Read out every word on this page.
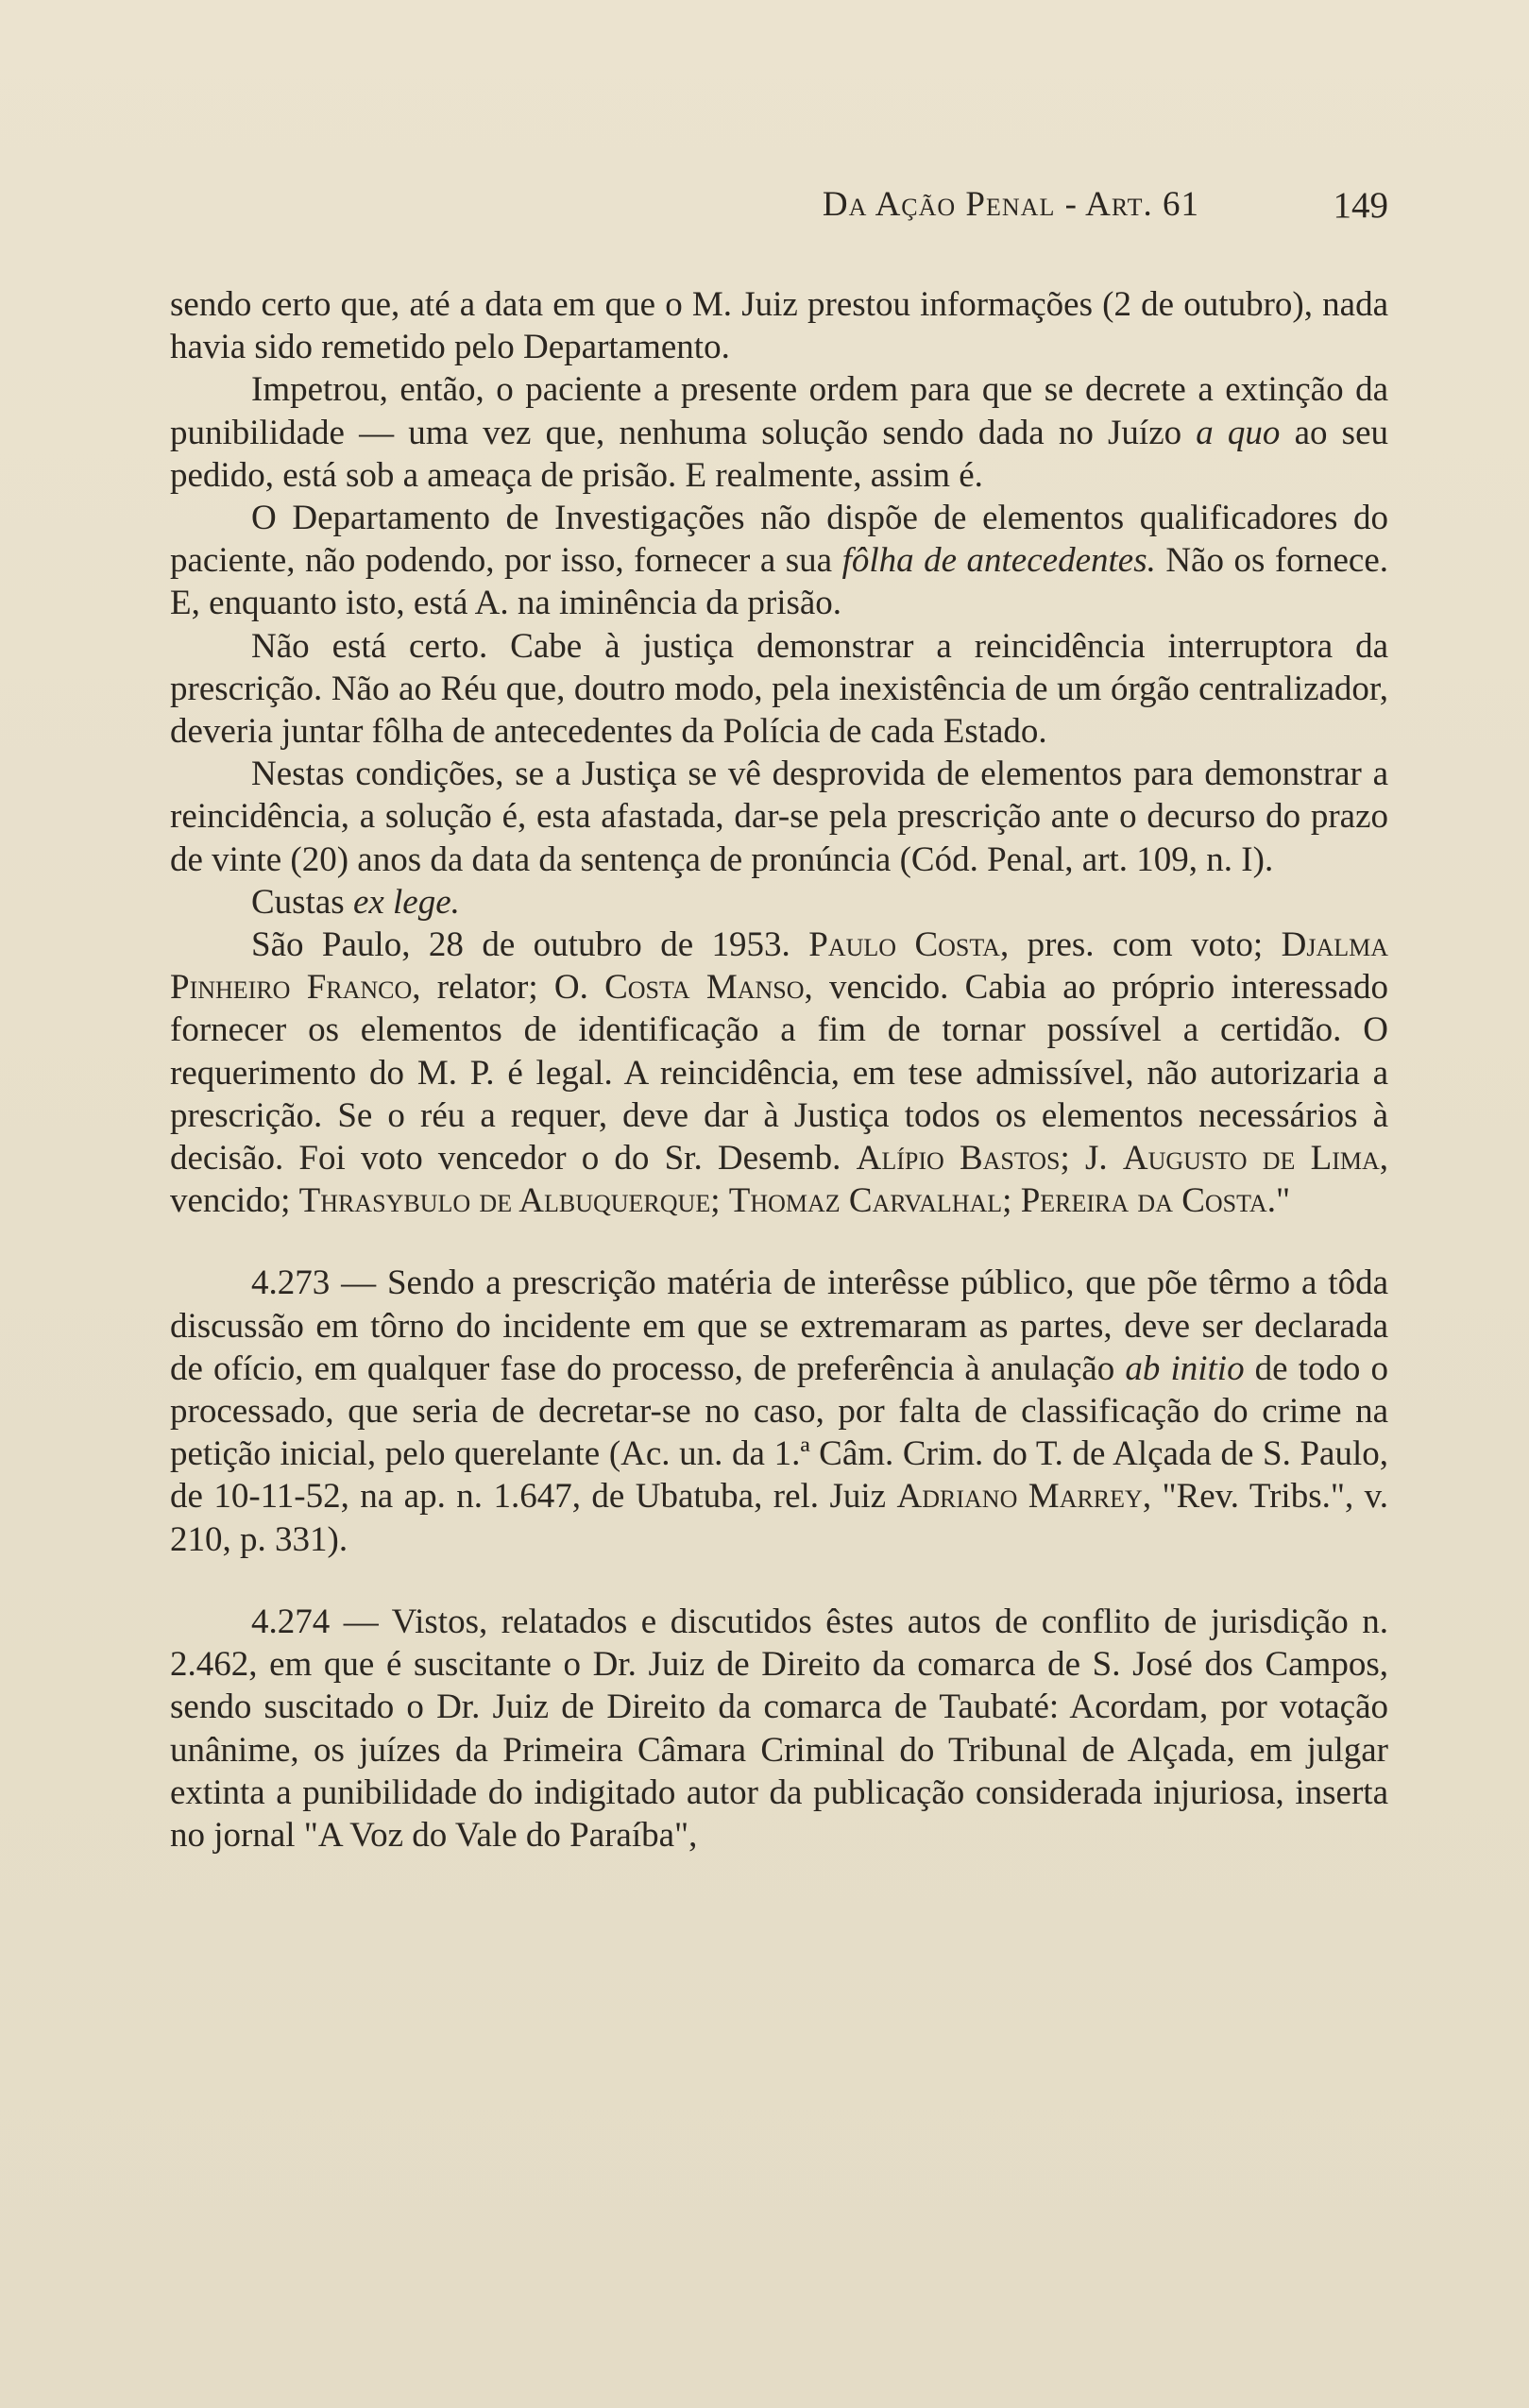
Da Ação Penal - Art. 61	149

sendo certo que, até a data em que o M. Juiz prestou informações (2 de outubro), nada havia sido remetido pelo Departamento.

Impetrou, então, o paciente a presente ordem para que se decrete a extinção da punibilidade — uma vez que, nenhuma solução sendo dada no Juízo a quo ao seu pedido, está sob a ameaça de prisão. E realmente, assim é.

O Departamento de Investigações não dispõe de elementos qualificadores do paciente, não podendo, por isso, fornecer a sua fôlha de antecedentes. Não os fornece. E, enquanto isto, está A. na iminência da prisão.

Não está certo. Cabe à justiça demonstrar a reincidência interruptora da prescrição. Não ao Réu que, doutro modo, pela inexistência de um órgão centralizador, deveria juntar fôlha de antecedentes da Polícia de cada Estado.

Nestas condições, se a Justiça se vê desprovida de elementos para demonstrar a reincidência, a solução é, esta afastada, dar-se pela prescrição ante o decurso do prazo de vinte (20) anos da data da sentença de pronúncia (Cód. Penal, art. 109, n. I).

Custas ex lege.

São Paulo, 28 de outubro de 1953. Paulo Costa, pres. com voto; Djalma Pinheiro Franco, relator; O. Costa Manso, vencido. Cabia ao próprio interessado fornecer os elementos de identificação a fim de tornar possível a certidão. O requerimento do M. P. é legal. A reincidência, em tese admissível, não autorizaria a prescrição. Se o réu a requer, deve dar à Justiça todos os elementos necessários à decisão. Foi voto vencedor o do Sr. Desemb. Alípio Bastos; J. Augusto de Lima, vencido; Thrasybulo de Albuquerque; Thomaz Carvalhal; Pereira da Costa."

4.273 — Sendo a prescrição matéria de interêsse público, que põe têrmo a tôda discussão em tôrno do incidente em que se extremaram as partes, deve ser declarada de ofício, em qualquer fase do processo, de preferência à anulação ab initio de todo o processado, que seria de decretar-se no caso, por falta de classificação do crime na petição inicial, pelo querelante (Ac. un. da 1.ª Câm. Crim. do T. de Alçada de S. Paulo, de 10-11-52, na ap. n. 1.647, de Ubatuba, rel. Juiz Adriano Marrey, "Rev. Tribs.", v. 210, p. 331).

4.274 — Vistos, relatados e discutidos êstes autos de conflito de jurisdição n. 2.462, em que é suscitante o Dr. Juiz de Direito da comarca de S. José dos Campos, sendo suscitado o Dr. Juiz de Direito da comarca de Taubaté: Acordam, por votação unânime, os juízes da Primeira Câmara Criminal do Tribunal de Alçada, em julgar extinta a punibilidade do indigitado autor da publicação considerada injuriosa, inserta no jornal "A Voz do Vale do Paraíba",
